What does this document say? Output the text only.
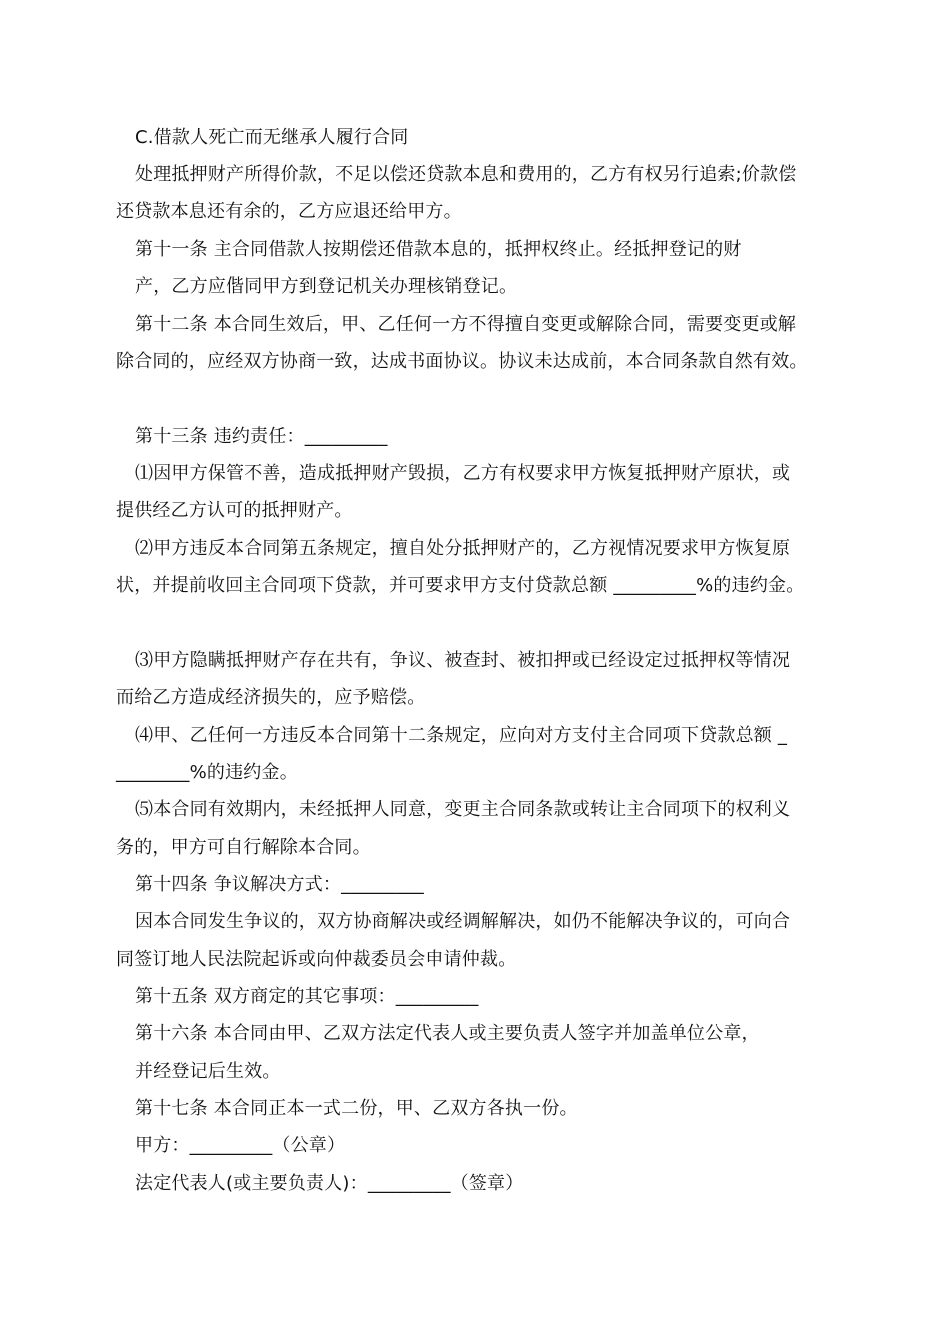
C.借款人死亡而无继承人履行合同
处理抵押财产所得价款，不足以偿还贷款本息和费用的，乙方有权另行追索;价款偿
还贷款本息还有余的，乙方应退还给甲方。
第十一条 主合同借款人按期偿还借款本息的，抵押权终止。经抵押登记的财
产，乙方应偕同甲方到登记机关办理核销登记。
第十二条 本合同生效后，甲、乙任何一方不得擅自变更或解除合同，需要变更或解
除合同的，应经双方协商一致，达成书面协议。协议未达成前，本合同条款自然有效。
第十三条 违约责任：_________
⑴因甲方保管不善，造成抵押财产毁损，乙方有权要求甲方恢复抵押财产原状，或
提供经乙方认可的抵押财产。
⑵甲方违反本合同第五条规定，擅自处分抵押财产的，乙方视情况要求甲方恢复原
状，并提前收回主合同项下贷款，并可要求甲方支付贷款总额 _________%的违约金。
⑶甲方隐瞒抵押财产存在共有，争议、被查封、被扣押或已经设定过抵押权等情况
而给乙方造成经济损失的，应予赔偿。
⑷甲、乙任何一方违反本合同第十二条规定，应向对方支付主合同项下贷款总额 _
________%的违约金。
⑸本合同有效期内，未经抵押人同意，变更主合同条款或转让主合同项下的权利义
务的，甲方可自行解除本合同。
第十四条 争议解决方式：_________
因本合同发生争议的，双方协商解决或经调解解决，如仍不能解决争议的，可向合
同签订地人民法院起诉或向仲裁委员会申请仲裁。
第十五条 双方商定的其它事项：_________
第十六条 本合同由甲、乙双方法定代表人或主要负责人签字并加盖单位公章，
并经登记后生效。
第十七条 本合同正本一式二份，甲、乙双方各执一份。
甲方：_________（公章）
法定代表人(或主要负责人)：_________（签章）
